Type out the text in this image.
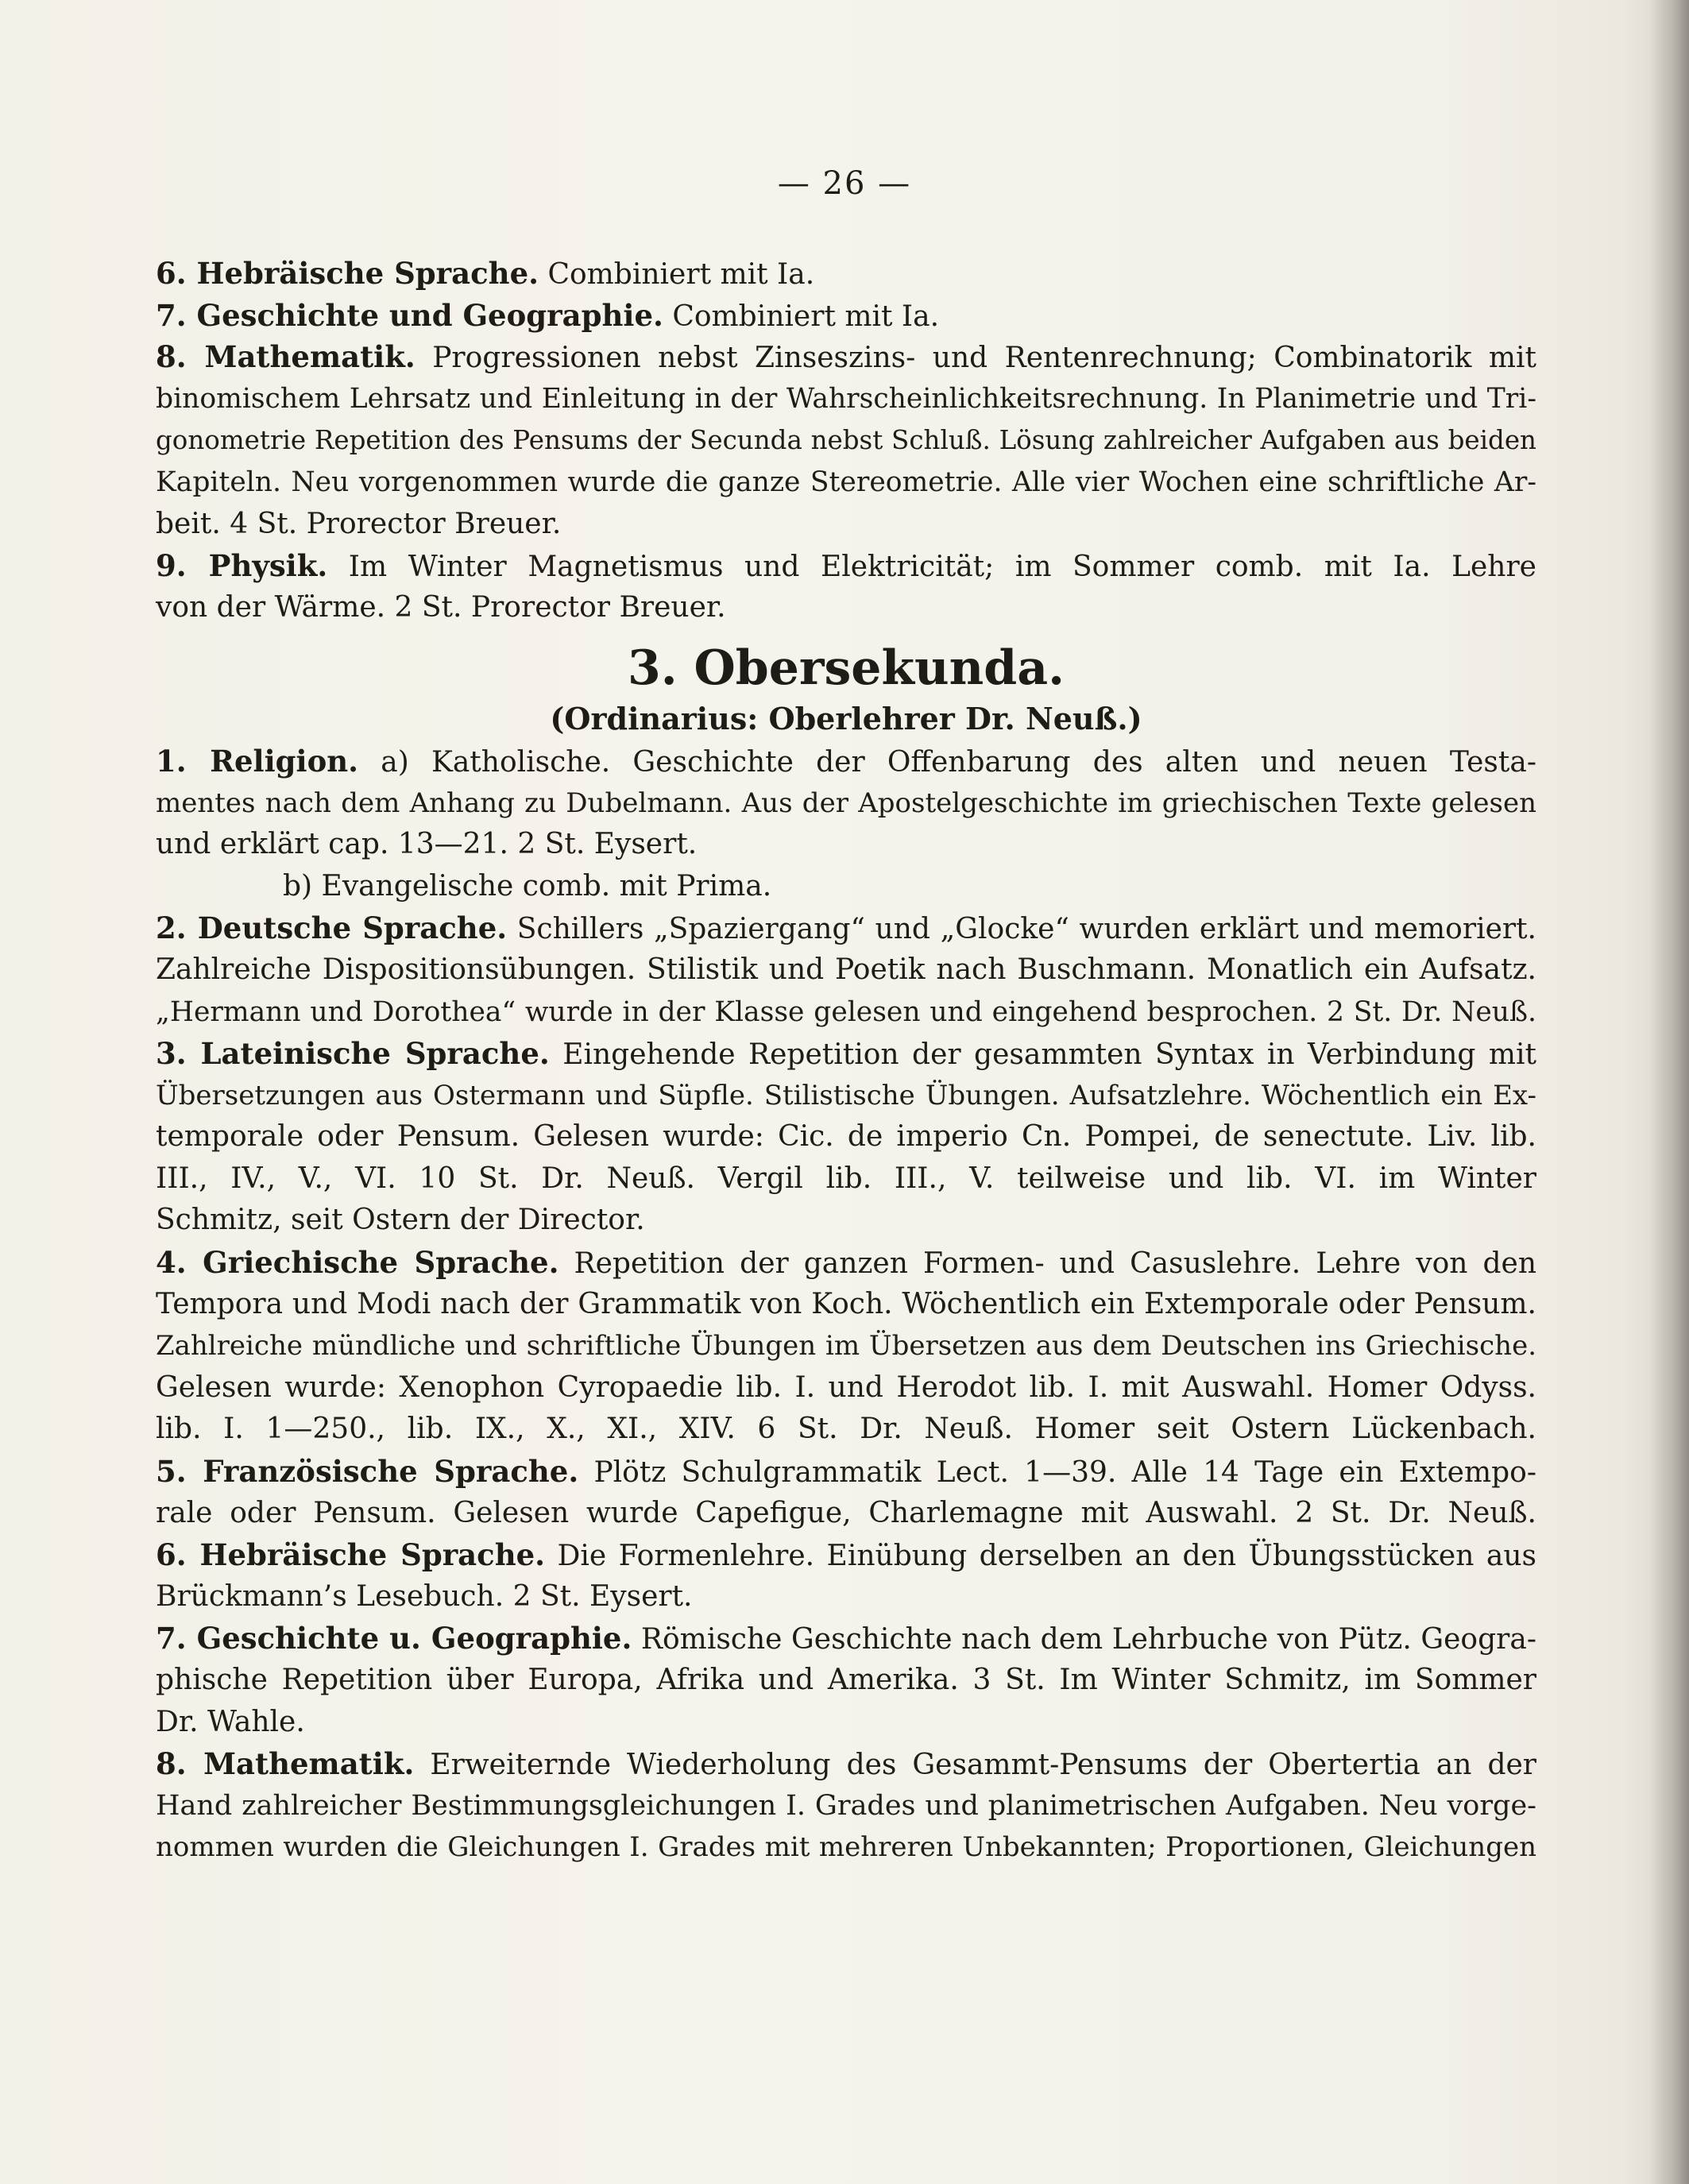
— 26 —
6. Hebräische Sprache. Combiniert mit Ia.
7. Geschichte und Geographie. Combiniert mit Ia.
8. Mathematik. Progressionen nebst Zinseszins- und Rentenrechnung; Combinatorik mit
binomischem Lehrsatz und Einleitung in der Wahrscheinlichkeitsrechnung. In Planimetrie und Tri-
gonometrie Repetition des Pensums der Secunda nebst Schluß. Lösung zahlreicher Aufgaben aus beiden
Kapiteln. Neu vorgenommen wurde die ganze Stereometrie. Alle vier Wochen eine schriftliche Ar-
beit. 4 St. Prorector Breuer.
9. Physik. Im Winter Magnetismus und Elektricität; im Sommer comb. mit Ia. Lehre
von der Wärme. 2 St. Prorector Breuer.
3. Obersekunda.
(Ordinarius: Oberlehrer Dr. Neuß.)
1. Religion. a) Katholische. Geschichte der Offenbarung des alten und neuen Testa-
mentes nach dem Anhang zu Dubelmann. Aus der Apostelgeschichte im griechischen Texte gelesen
und erklärt cap. 13—21. 2 St. Eysert.
b) Evangelische comb. mit Prima.
2. Deutsche Sprache. Schillers „Spaziergang“ und „Glocke“ wurden erklärt und memoriert.
Zahlreiche Dispositionsübungen. Stilistik und Poetik nach Buschmann. Monatlich ein Aufsatz.
„Hermann und Dorothea“ wurde in der Klasse gelesen und eingehend besprochen. 2 St. Dr. Neuß.
3. Lateinische Sprache. Eingehende Repetition der gesammten Syntax in Verbindung mit
Übersetzungen aus Ostermann und Süpfle. Stilistische Übungen. Aufsatzlehre. Wöchentlich ein Ex-
temporale oder Pensum. Gelesen wurde: Cic. de imperio Cn. Pompei, de senectute. Liv. lib.
III., IV., V., VI. 10 St. Dr. Neuß. Vergil lib. III., V. teilweise und lib. VI. im Winter
Schmitz, seit Ostern der Director.
4. Griechische Sprache. Repetition der ganzen Formen- und Casuslehre. Lehre von den
Tempora und Modi nach der Grammatik von Koch. Wöchentlich ein Extemporale oder Pensum.
Zahlreiche mündliche und schriftliche Übungen im Übersetzen aus dem Deutschen ins Griechische.
Gelesen wurde: Xenophon Cyropaedie lib. I. und Herodot lib. I. mit Auswahl. Homer Odyss.
lib. I. 1—250., lib. IX., X., XI., XIV. 6 St. Dr. Neuß. Homer seit Ostern Lückenbach.
5. Französische Sprache. Plötz Schulgrammatik Lect. 1—39. Alle 14 Tage ein Extempo-
rale oder Pensum. Gelesen wurde Capefigue, Charlemagne mit Auswahl. 2 St. Dr. Neuß.
6. Hebräische Sprache. Die Formenlehre. Einübung derselben an den Übungsstücken aus
Brückmann’s Lesebuch. 2 St. Eysert.
7. Geschichte u. Geographie. Römische Geschichte nach dem Lehrbuche von Pütz. Geogra-
phische Repetition über Europa, Afrika und Amerika. 3 St. Im Winter Schmitz, im Sommer
Dr. Wahle.
8. Mathematik. Erweiternde Wiederholung des Gesammt-Pensums der Obertertia an der
Hand zahlreicher Bestimmungsgleichungen I. Grades und planimetrischen Aufgaben. Neu vorge-
nommen wurden die Gleichungen I. Grades mit mehreren Unbekannten; Proportionen, Gleichungen
